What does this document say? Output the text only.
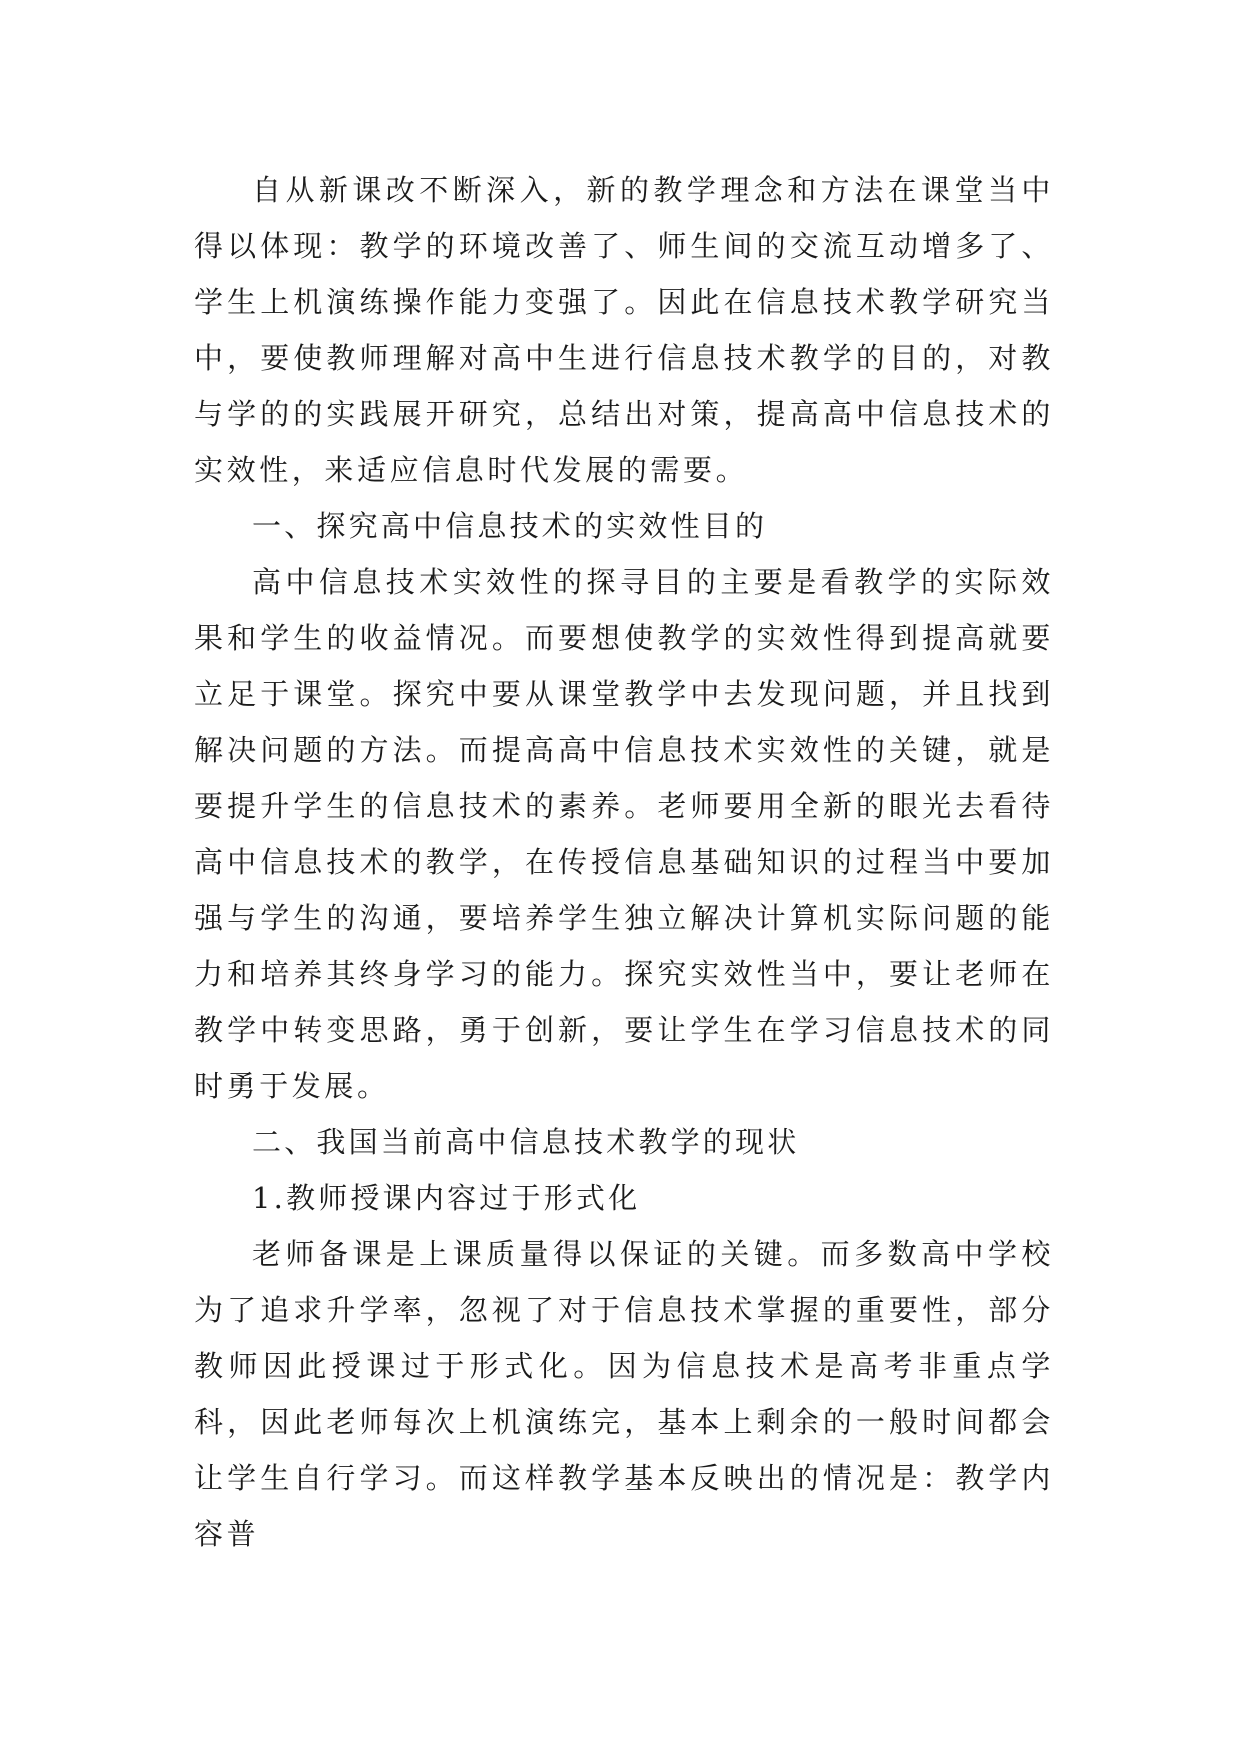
自从新课改不断深入，新的教学理念和方法在课堂当中得以体现：教学的环境改善了、师生间的交流互动增多了、学生上机演练操作能力变强了。因此在信息技术教学研究当中，要使教师理解对高中生进行信息技术教学的目的，对教与学的的实践展开研究，总结出对策，提高高中信息技术的实效性，来适应信息时代发展的需要。

一、探究高中信息技术的实效性目的

高中信息技术实效性的探寻目的主要是看教学的实际效果和学生的收益情况。而要想使教学的实效性得到提高就要立足于课堂。探究中要从课堂教学中去发现问题，并且找到解决问题的方法。而提高高中信息技术实效性的关键，就是要提升学生的信息技术的素养。老师要用全新的眼光去看待高中信息技术的教学，在传授信息基础知识的过程当中要加强与学生的沟通，要培养学生独立解决计算机实际问题的能力和培养其终身学习的能力。探究实效性当中，要让老师在教学中转变思路，勇于创新，要让学生在学习信息技术的同时勇于发展。

二、我国当前高中信息技术教学的现状

1.教师授课内容过于形式化

老师备课是上课质量得以保证的关键。而多数高中学校为了追求升学率，忽视了对于信息技术掌握的重要性，部分教师因此授课过于形式化。因为信息技术是高考非重点学科，因此老师每次上机演练完，基本上剩余的一般时间都会让学生自行学习。而这样教学基本反映出的情况是：教学内容普
